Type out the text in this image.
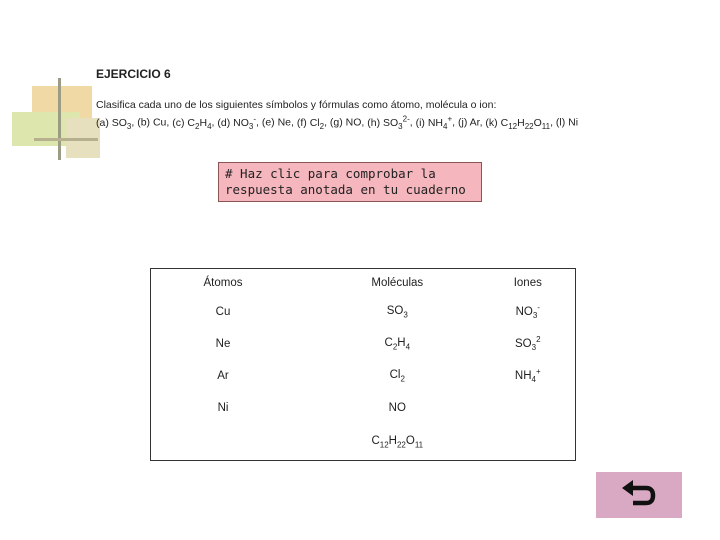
EJERCICIO 6
Clasifica cada uno de los siguientes símbolos y fórmulas como átomo, molécula o ion:
(a) $SO_3$, (b) Cu, (c) $C_2H_4$, (d) $NO_3^-$, (e) Ne, (f) $Cl_2$, (g) NO, (h) $SO_3^{2-}$, (i) $NH_4^+$, (j) Ar, (k) $C_{12}H_{22}O_{11}$, (l) Ni
# Haz clic para comprobar la respuesta anotada en tu cuaderno
Átomos	Moléculas	Iones
Cu	$SO_3$	$NO_3^-$
Ne	$C_2H_4$	$SO_3^2$
Ar	$Cl_2$	$NH_4^+$
Ni	NO	
	$C_{12}H_{22}O_{11}$	
